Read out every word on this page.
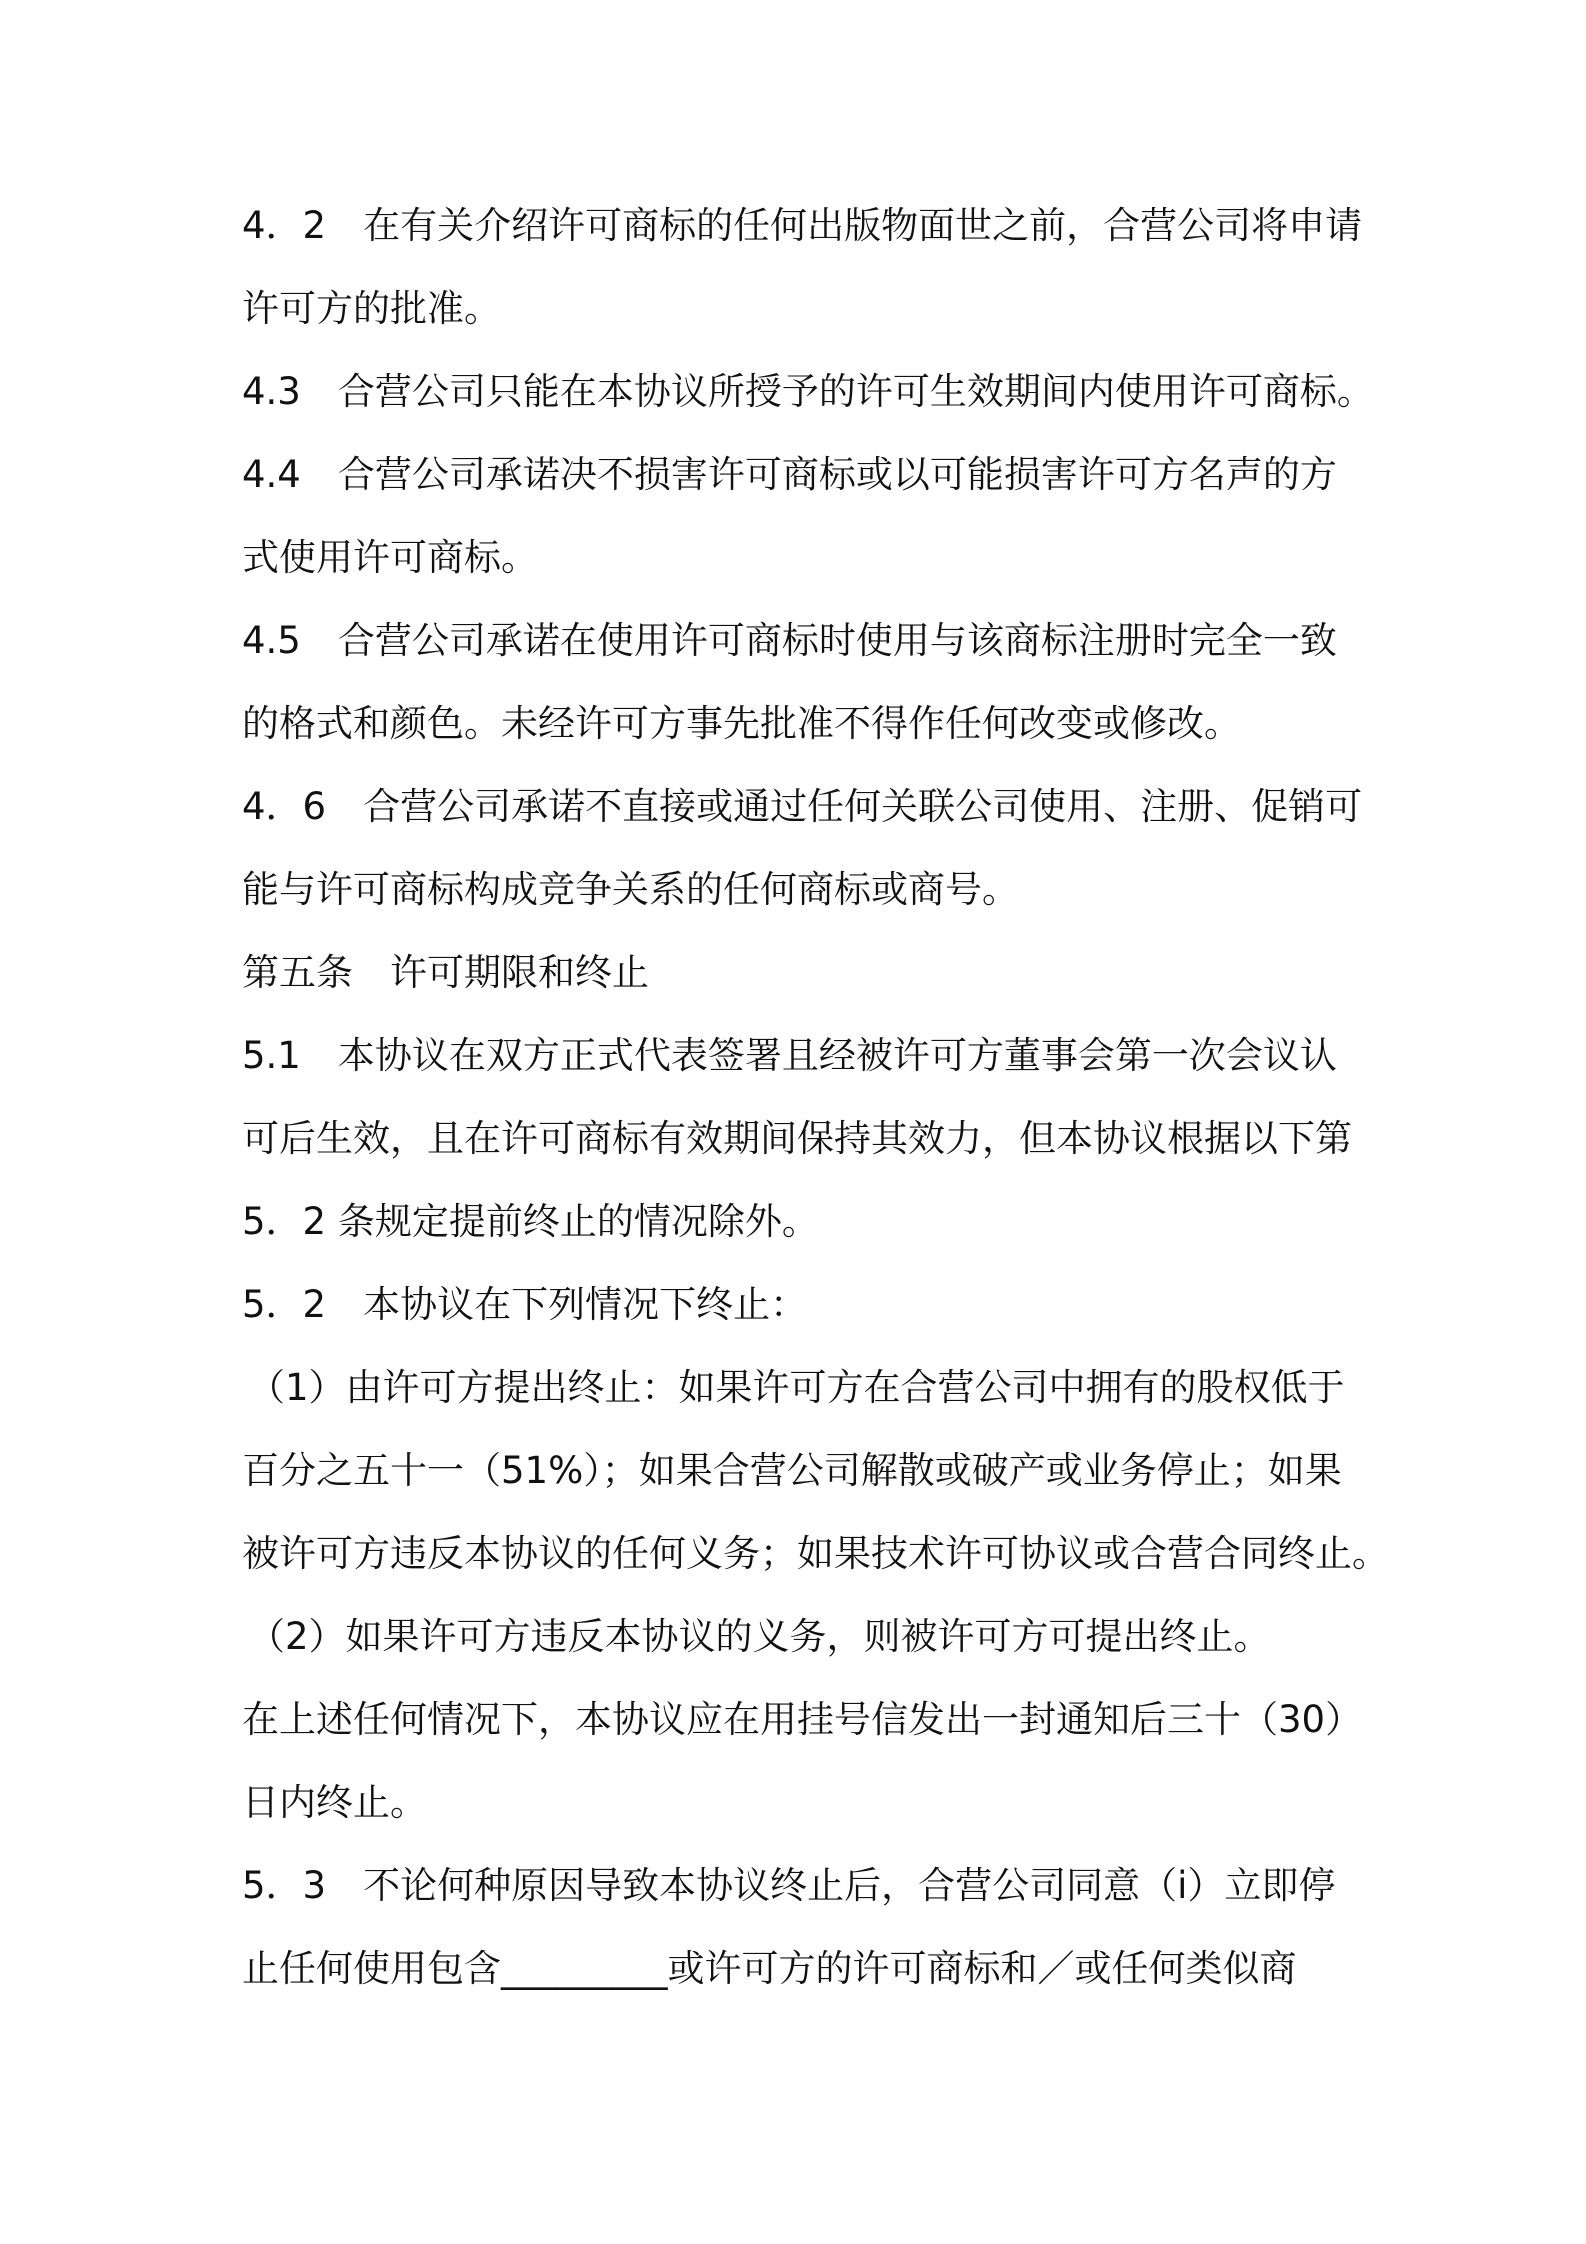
4．2　在有关介绍许可商标的任何出版物面世之前，合营公司将申请

许可方的批准。

4.3　合营公司只能在本协议所授予的许可生效期间内使用许可商标。

4.4　合营公司承诺决不损害许可商标或以可能损害许可方名声的方

式使用许可商标。

4.5　合营公司承诺在使用许可商标时使用与该商标注册时完全一致

的格式和颜色。未经许可方事先批准不得作任何改变或修改。

4．6　合营公司承诺不直接或通过任何关联公司使用、注册、促销可

能与许可商标构成竞争关系的任何商标或商号。

第五条　许可期限和终止

5.1　本协议在双方正式代表签署且经被许可方董事会第一次会议认

可后生效，且在许可商标有效期间保持其效力，但本协议根据以下第

5．2 条规定提前终止的情况除外。

5．2　本协议在下列情况下终止：

（1）由许可方提出终止：如果许可方在合营公司中拥有的股权低于

百分之五十一（51%）；如果合营公司解散或破产或业务停止；如果

被许可方违反本协议的任何义务；如果技术许可协议或合营合同终止。

（2）如果许可方违反本协议的义务，则被许可方可提出终止。

在上述任何情况下，本协议应在用挂号信发出一封通知后三十（30）

日内终止。

5．3　不论何种原因导致本协议终止后，合营公司同意（i）立即停

止任何使用包含_________或许可方的许可商标和／或任何类似商
